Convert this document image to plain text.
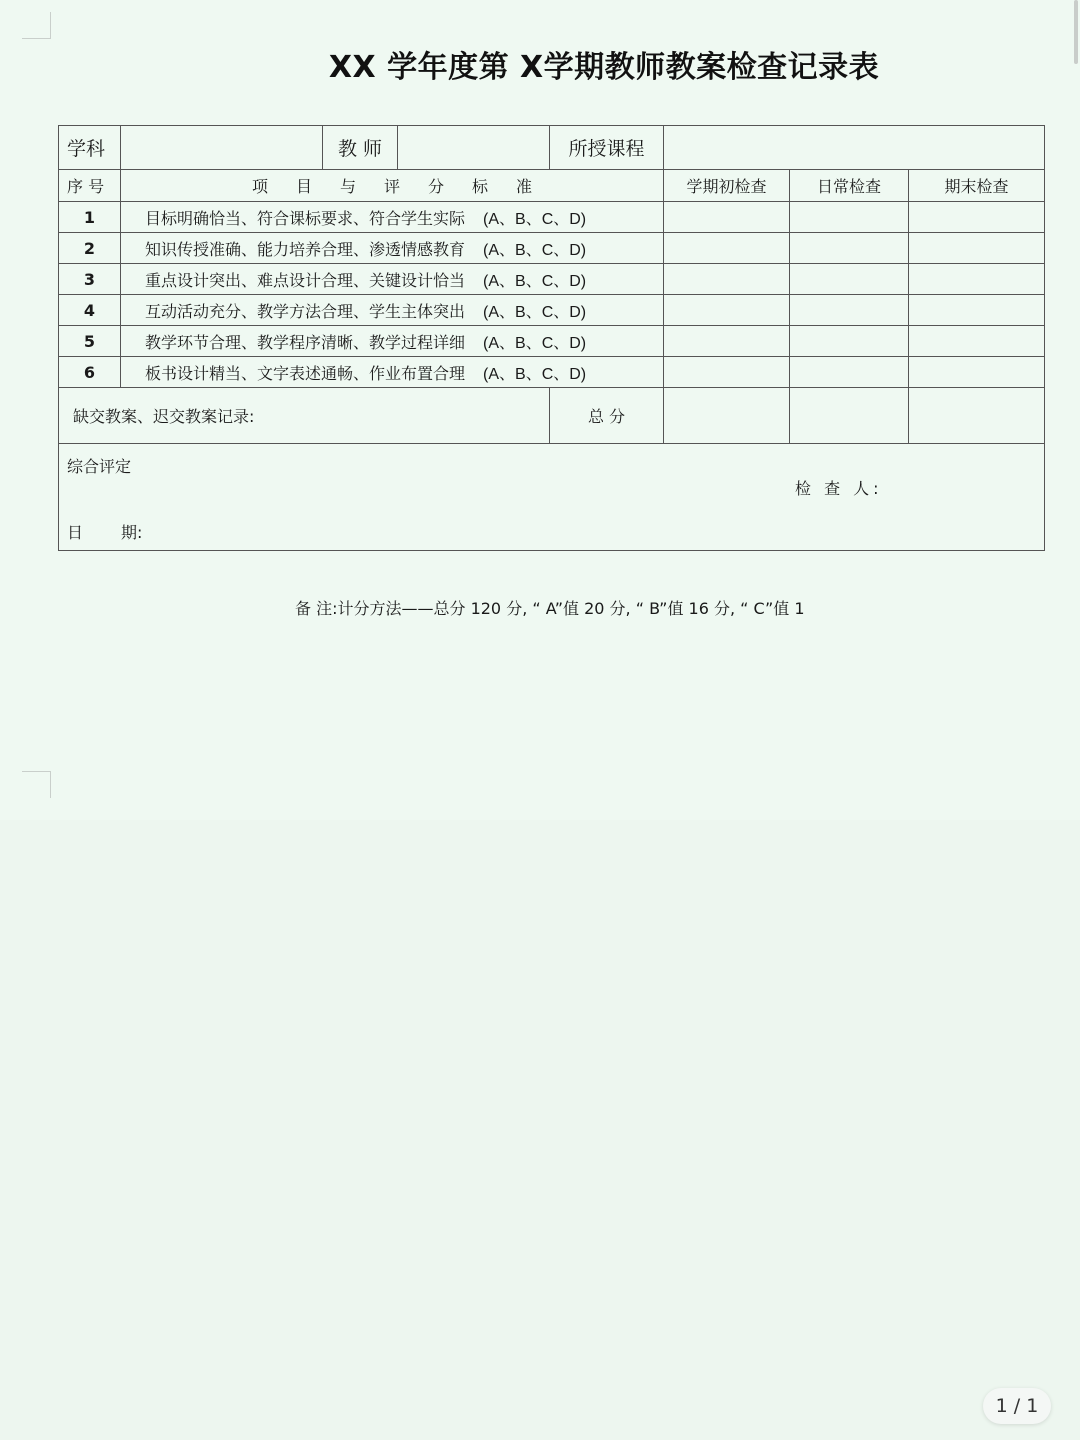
XX 学年度第 X学期教师教案检查记录表
学科		教 师		所授课程			
序 号	项 目 与 评 分 标 准				学期初检查	日常检查	期末检查
1	目标明确恰当、符合课标要求、符合学生实际 (A、B、C、D)						
2	知识传授准确、能力培养合理、渗透情感教育 (A、B、C、D)						
3	重点设计突出、难点设计合理、关键设计恰当 (A、B、C、D)						
4	互动活动充分、教学方法合理、学生主体突出 (A、B、C、D)						
5	教学环节合理、教学程序清晰、教学过程详细 (A、B、C、D)						
6	板书设计精当、文字表述通畅、作业布置合理 (A、B、C、D)						
缺交教案、迟交教案记录:				总 分			

综合评定
检 查 人:
日 期:							
备 注:计分方法——总分 120 分, “ A”值 20 分, “ B”值 16 分, “ C”值 1
1 / 1
